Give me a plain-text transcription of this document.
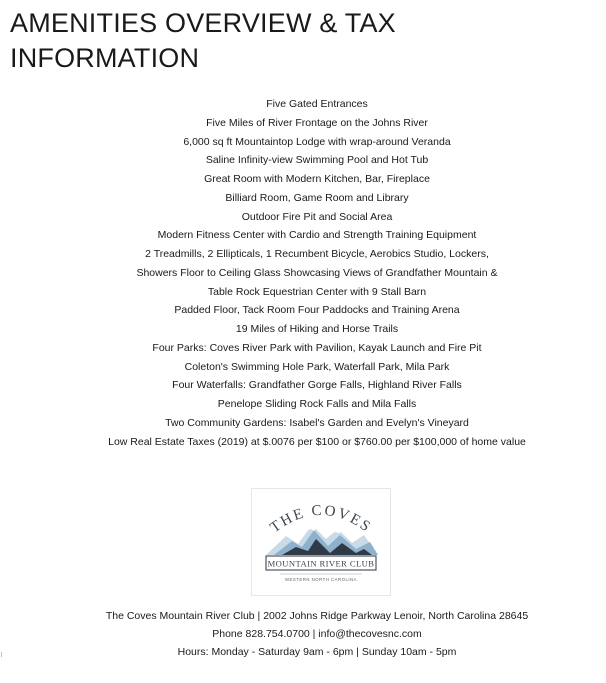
AMENITIES OVERVIEW & TAX INFORMATION
Five Gated Entrances
Five Miles of River Frontage on the Johns River
6,000 sq ft Mountaintop Lodge with wrap-around Veranda
Saline Infinity-view Swimming Pool and Hot Tub
Great Room with Modern Kitchen, Bar, Fireplace
Billiard Room, Game Room and Library
Outdoor Fire Pit and Social Area
Modern Fitness Center with Cardio and Strength Training Equipment
2 Treadmills, 2 Ellipticals, 1 Recumbent Bicycle, Aerobics Studio, Lockers,
Showers Floor to Ceiling Glass Showcasing Views of Grandfather Mountain &
Table Rock Equestrian Center with 9 Stall Barn
Padded Floor, Tack Room Four Paddocks and Training Arena
19 Miles of Hiking and Horse Trails
Four Parks: Coves River Park with Pavilion, Kayak Launch and Fire Pit
Coleton's Swimming Hole Park, Waterfall Park, Mila Park
Four Waterfalls: Grandfather Gorge Falls, Highland River Falls
Penelope Sliding Rock Falls and Mila Falls
Two Community Gardens: Isabel's Garden and Evelyn's Vineyard
Low Real Estate Taxes (2019) at $.0076 per $100 or $760.00 per $100,000 of home value
THE COVES
MOUNTAIN RIVER CLUB
WESTERN NORTH CAROLINA
The Coves Mountain River Club | 2002 Johns Ridge Parkway Lenoir, North Carolina 28645
Phone 828.754.0700 | info@thecovesnc.com
Hours: Monday - Saturday 9am - 6pm | Sunday 10am - 5pm
